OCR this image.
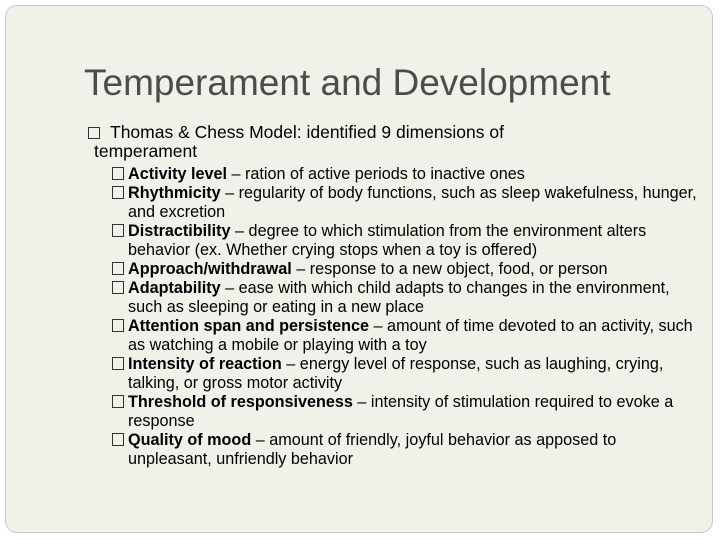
Temperament and Development
Thomas & Chess Model: identified 9 dimensions of
temperament
Activity level – ration of active periods to inactive ones
Rhythmicity – regularity of body functions, such as sleep wakefulness, hunger, and excretion
Distractibility – degree to which stimulation from the environment alters behavior (ex. Whether crying stops when a toy is offered)
Approach/withdrawal – response to a new object, food, or person
Adaptability – ease with which child adapts to changes in the environment, such as sleeping or eating in a new place
Attention span and persistence – amount of time devoted to an activity, such as watching a mobile or playing with a toy
Intensity of reaction – energy level of response, such as laughing, crying, talking, or gross motor activity
Threshold of responsiveness – intensity of stimulation required to evoke a response
Quality of mood – amount of friendly, joyful behavior as apposed to unpleasant, unfriendly behavior
